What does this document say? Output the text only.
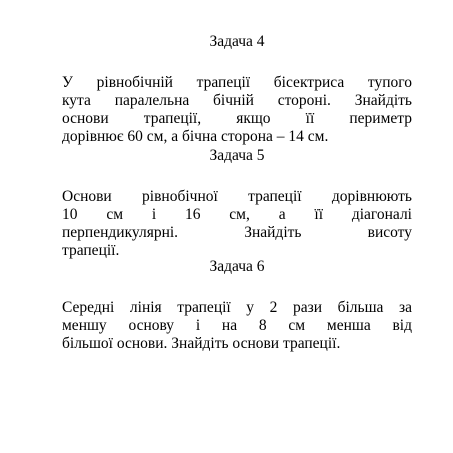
Задача 4
У рівнобічній трапеції бісектриса тупого
кута паралельна бічній стороні. Знайдіть
основи трапеції, якщо її периметр
дорівнює 60 см, а бічна сторона – 14 см.
Задача 5
Основи рівнобічної трапеції дорівнюють
10 см і 16 см, а її діагоналі
перпендикулярні. Знайдіть висоту
трапеції.
Задача 6
Середні лінія трапеції у 2 рази більша за
меншу основу і на 8 см менша від
більшої основи. Знайдіть основи трапеції.
